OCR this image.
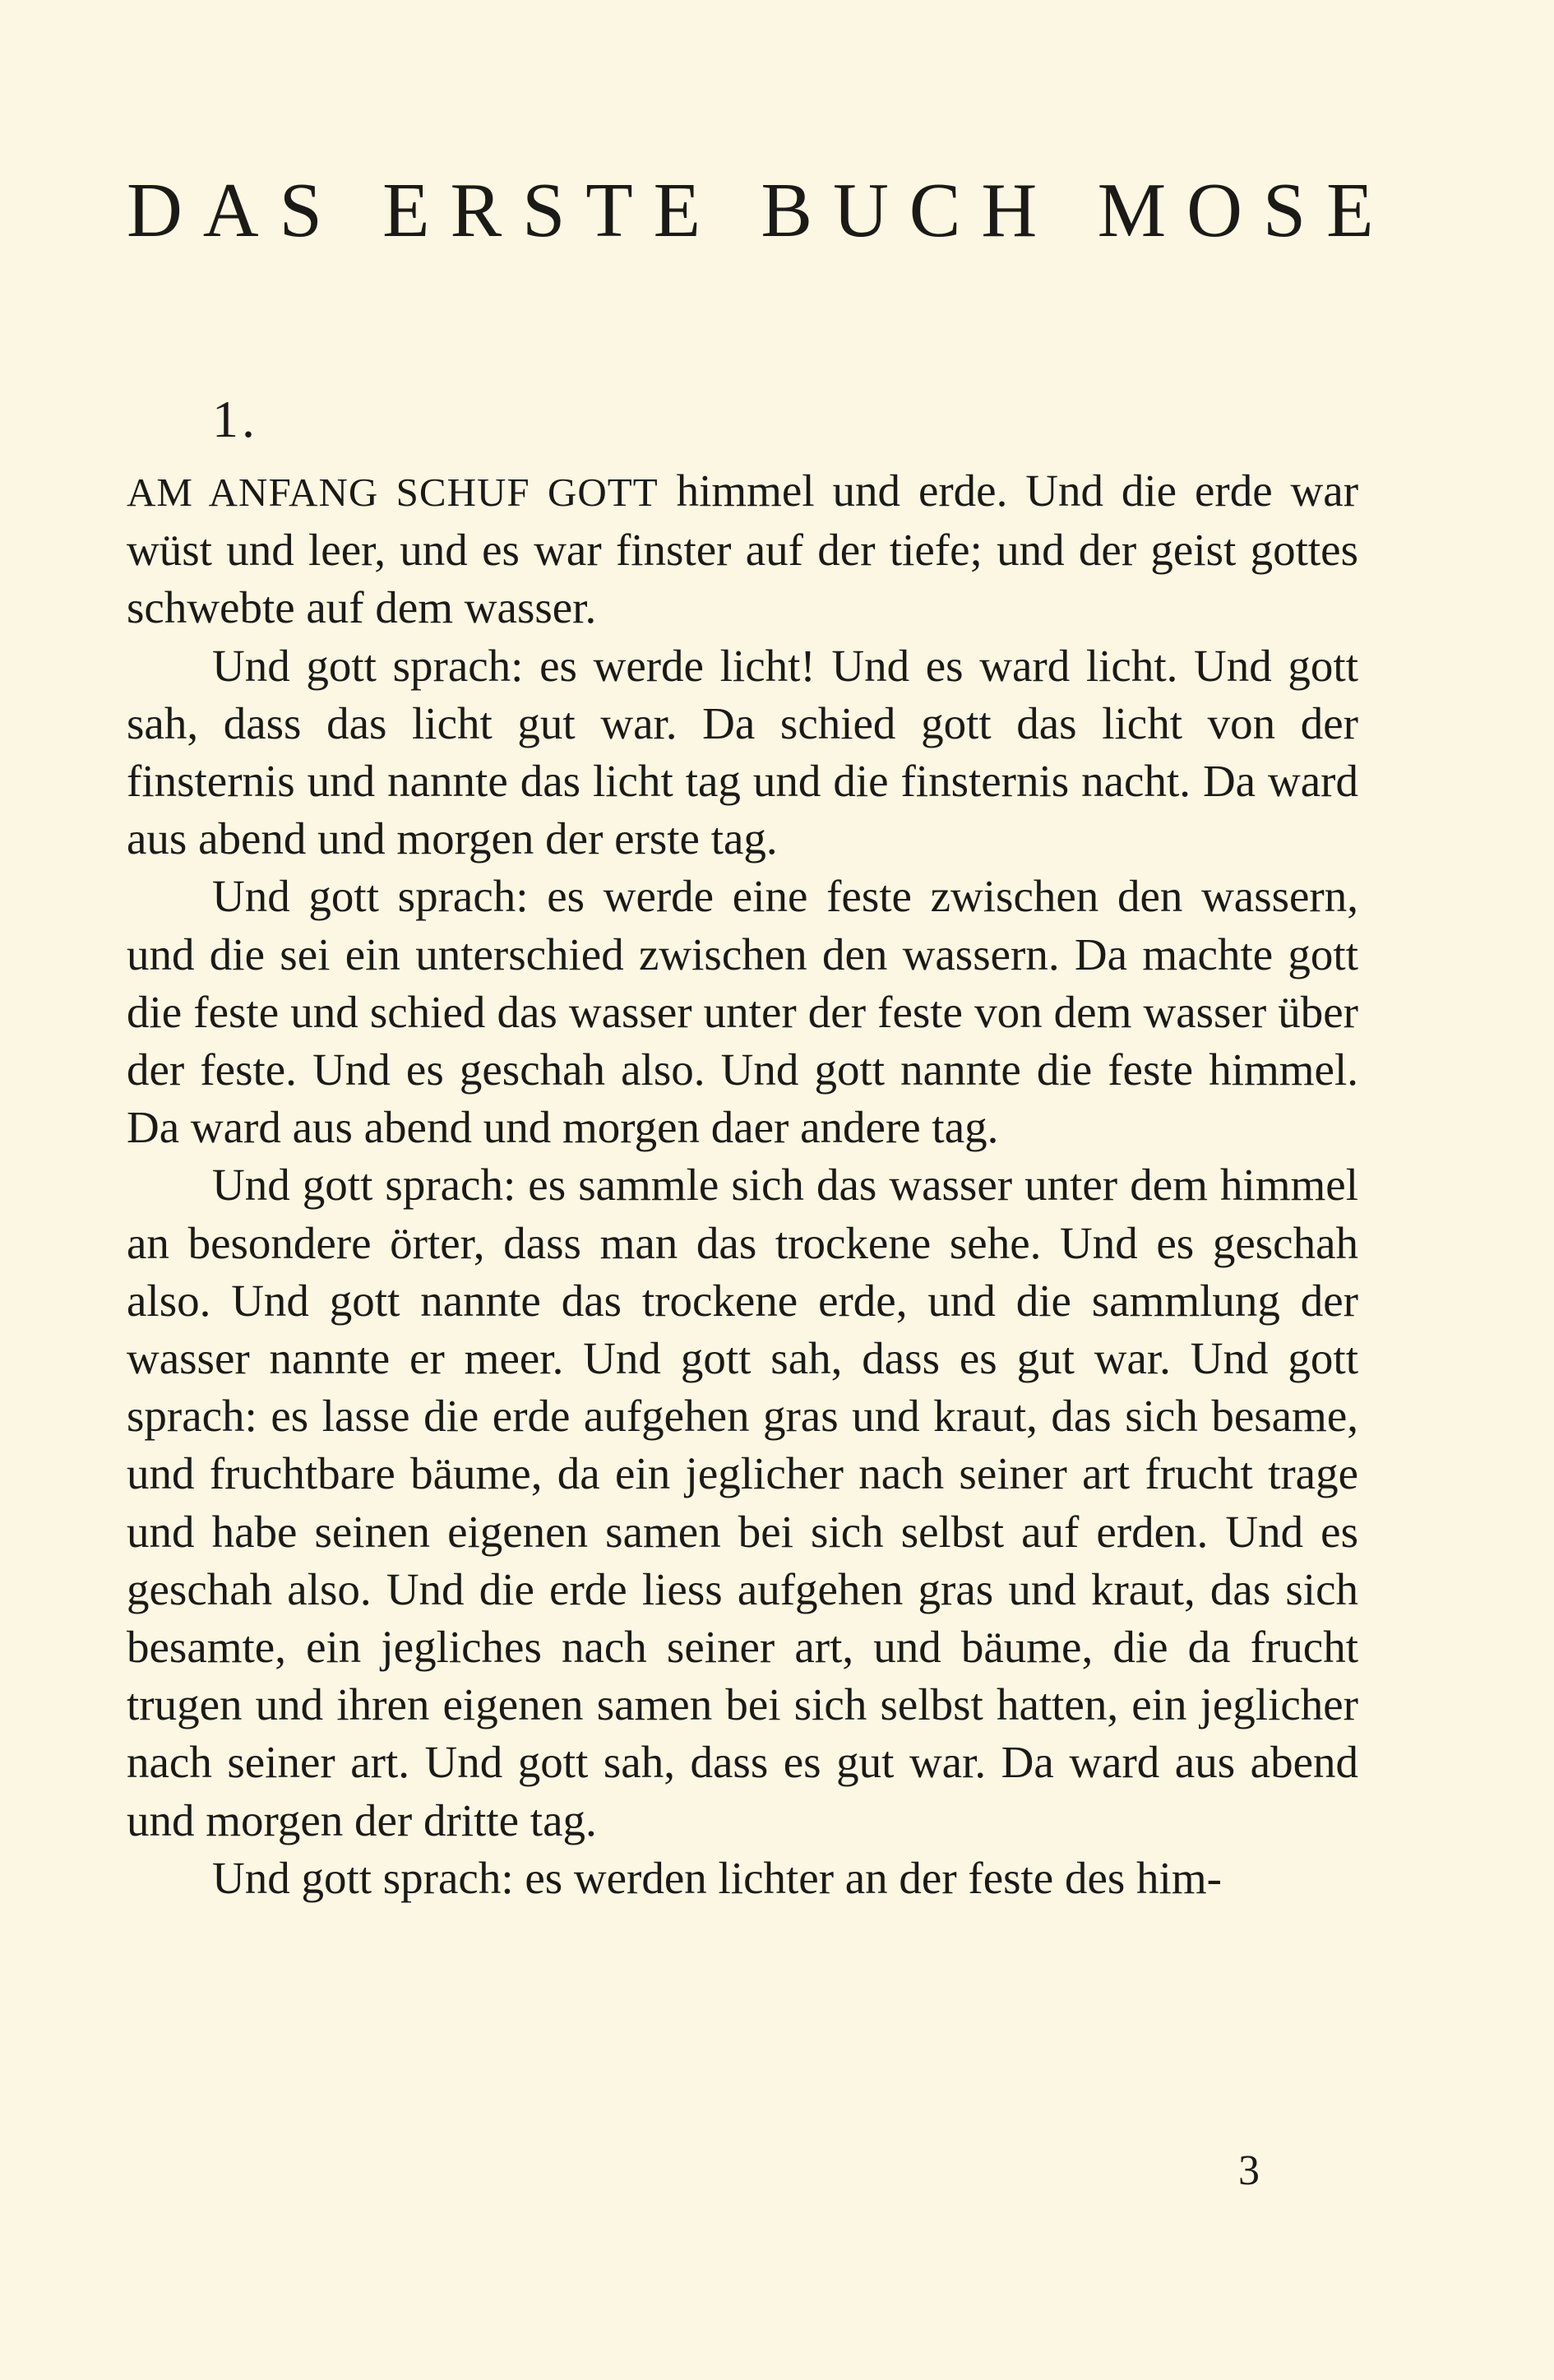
DAS ERSTE BUCH MOSE
1.

AM ANFANG SCHUF GOTT himmel und erde. Und die erde war wüst und leer, und es war finster auf der tiefe; und der geist gottes schwebte auf dem wasser.

Und gott sprach: es werde licht! Und es ward licht. Und gott sah, dass das licht gut war. Da schied gott das licht von der finsternis und nannte das licht tag und die finsternis nacht. Da ward aus abend und morgen der erste tag.

Und gott sprach: es werde eine feste zwischen den wassern, und die sei ein unterschied zwischen den wassern. Da machte gott die feste und schied das wasser unter der feste von dem wasser über der feste. Und es geschah also. Und gott nannte die feste himmel. Da ward aus abend und morgen daer andere tag.

Und gott sprach: es sammle sich das wasser unter dem himmel an besondere örter, dass man das trockene sehe. Und es geschah also. Und gott nannte das trockene erde, und die sammlung der wasser nannte er meer. Und gott sah, dass es gut war. Und gott sprach: es lasse die erde aufgehen gras und kraut, das sich besame, und fruchtbare bäume, da ein jeglicher nach seiner art frucht trage und habe seinen eigenen samen bei sich selbst auf erden. Und es geschah also. Und die erde liess aufgehen gras und kraut, das sich besamte, ein jegliches nach seiner art, und bäume, die da frucht trugen und ihren eigenen samen bei sich selbst hatten, ein jeglicher nach seiner art. Und gott sah, dass es gut war. Da ward aus abend und morgen der dritte tag.

Und gott sprach: es werden lichter an der feste des him-

3
